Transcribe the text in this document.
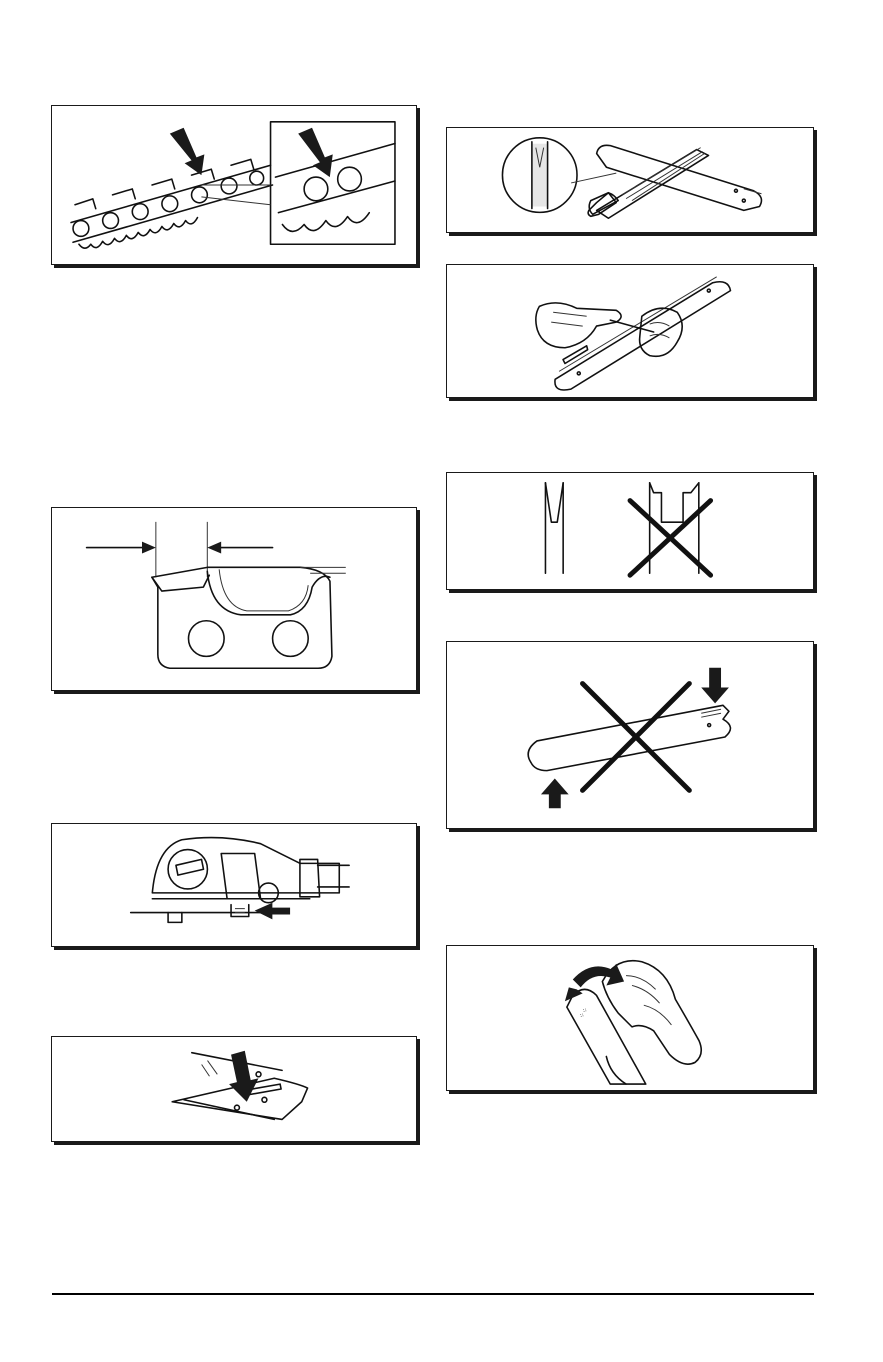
⁘⁘
